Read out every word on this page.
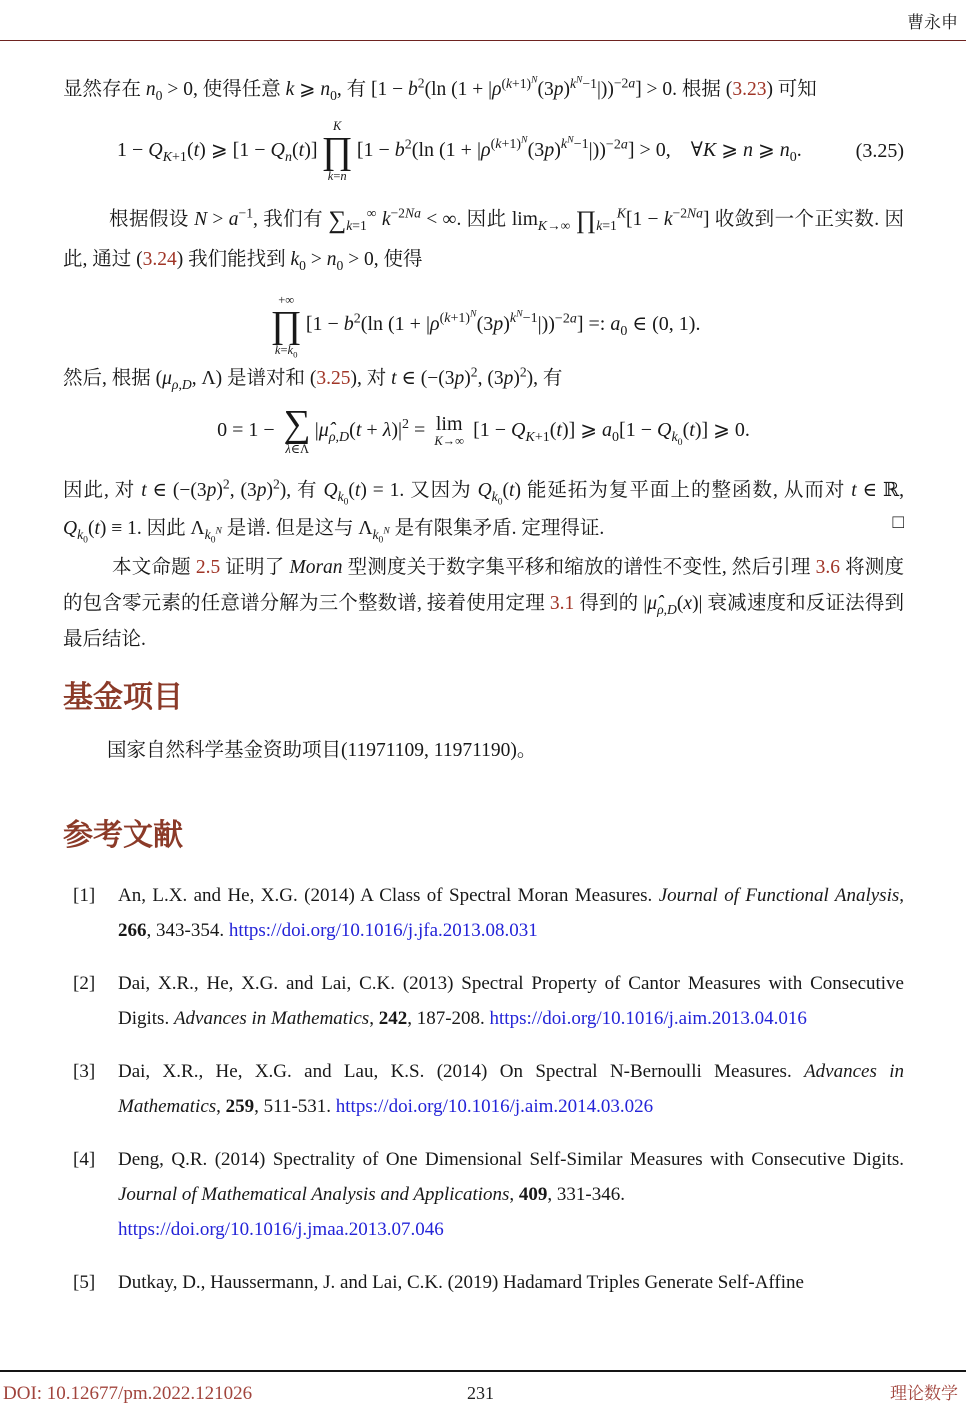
曹永申

显然存在 $n_0 > 0$, 使得任意 k ⩾ $n_0$, 有 [$1 - b^2(\ln$ $(1 + |\rho^{(k+1)^N}(3p)^{k^N-1}|))^{-2a}] > 0$. 根据 (3.23) 可知

$1 - Q_{K+1}(t)$ ⩾ $[1 - Q_n(t)]$
K
∏
k=n
[$1 - b^2(\ln$ $(1 + |\rho^{(k+1)^N}(3p)^{k^N-1}|))^{-2a}] > 0$,    ∀K ⩾ n ⩾ $n_0$.	(3.25)

根据假设 $N > a^{-1}$, 我们有 $\sum_{k=1}^\infty$ $k^{-2Na}$ < ∞. 因此 $\lim_{K\to\infty}$ $\prod_{k=1}^K[1 - k^{-2Na}]$ 收敛到一个正实数. 因此, 通过 (3.24) 我们能找到 $k_0 > n_0 > 0$, 使得

+∞
∏
$k=k_0$
[$1 - b^2(\ln$ $(1 + |\rho^{(k+1)^N}(3p)^{k^N-1}|))^{-2a}$] =: $a_0$ ∈ (0, 1).

然后, 根据 ($\mu_{\rho,D}$, Λ) 是谱对和 (3.25), 对 t ∈ ($-(3p)^2$, $(3p)^2$), 有

0 = 1 − ∑
λ∈Λ
$|\mû_{\rho,D}(t + \lambda)|^2 = \lim$
K→∞
$[1 - Q_{K+1}(t)]$ ⩾ $a_0[1 - Q_{k_0}(t)]$ ⩾ 0.

因此, 对 t ∈ ($-(3p)^2$, $(3p)^2$), 有 $Q_{k_0}(t) = 1$. 又因为 $Q_{k_0}(t)$ 能延拓为复平面上的整函数, 从而对 t ∈ ℝ, $Q_{k_0}(t) \equiv 1$. 因此 $\Lambda_{k_0^N}$ 是谱. 但是这与 $\Lambda_{k_0^N}$ 是有限集矛盾. 定理得证.	□

本文命题 2.5 证明了 Moran 型测度关于数字集平移和缩放的谱性不变性, 然后引理 3.6 将测度的包含零元素的任意谱分解为三个整数谱, 接着使用定理 3.1 得到的 $|\mû_{\rho,D}(x)|$ 衰减速度和反证法得到最后结论.

基金项目

国家自然科学基金资助项目(11971109, 11971190)。

参考文献
[1]	An, L.X. and He, X.G. (2014) A Class of Spectral Moran Measures. Journal of Functional Analysis, 266, 343-354. https://doi.org/10.1016/j.jfa.2013.08.031
[2]	Dai, X.R., He, X.G. and Lai, C.K. (2013) Spectral Property of Cantor Measures with Consecutive Digits. Advances in Mathematics, 242, 187-208. https://doi.org/10.1016/j.aim.2013.04.016
[3]	Dai, X.R., He, X.G. and Lau, K.S. (2014) On Spectral N-Bernoulli Measures. Advances in Mathematics, 259, 511-531. https://doi.org/10.1016/j.aim.2014.03.026
[4]	Deng, Q.R. (2014) Spectrality of One Dimensional Self-Similar Measures with Consecutive Digits. Journal of Mathematical Analysis and Applications, 409, 331-346.
https://doi.org/10.1016/j.jmaa.2013.07.046
[5]	Dutkay, D., Haussermann, J. and Lai, C.K. (2019) Hadamard Triples Generate Self-Affine
DOI: 10.12677/pm.2022.121026	231	理论数学
